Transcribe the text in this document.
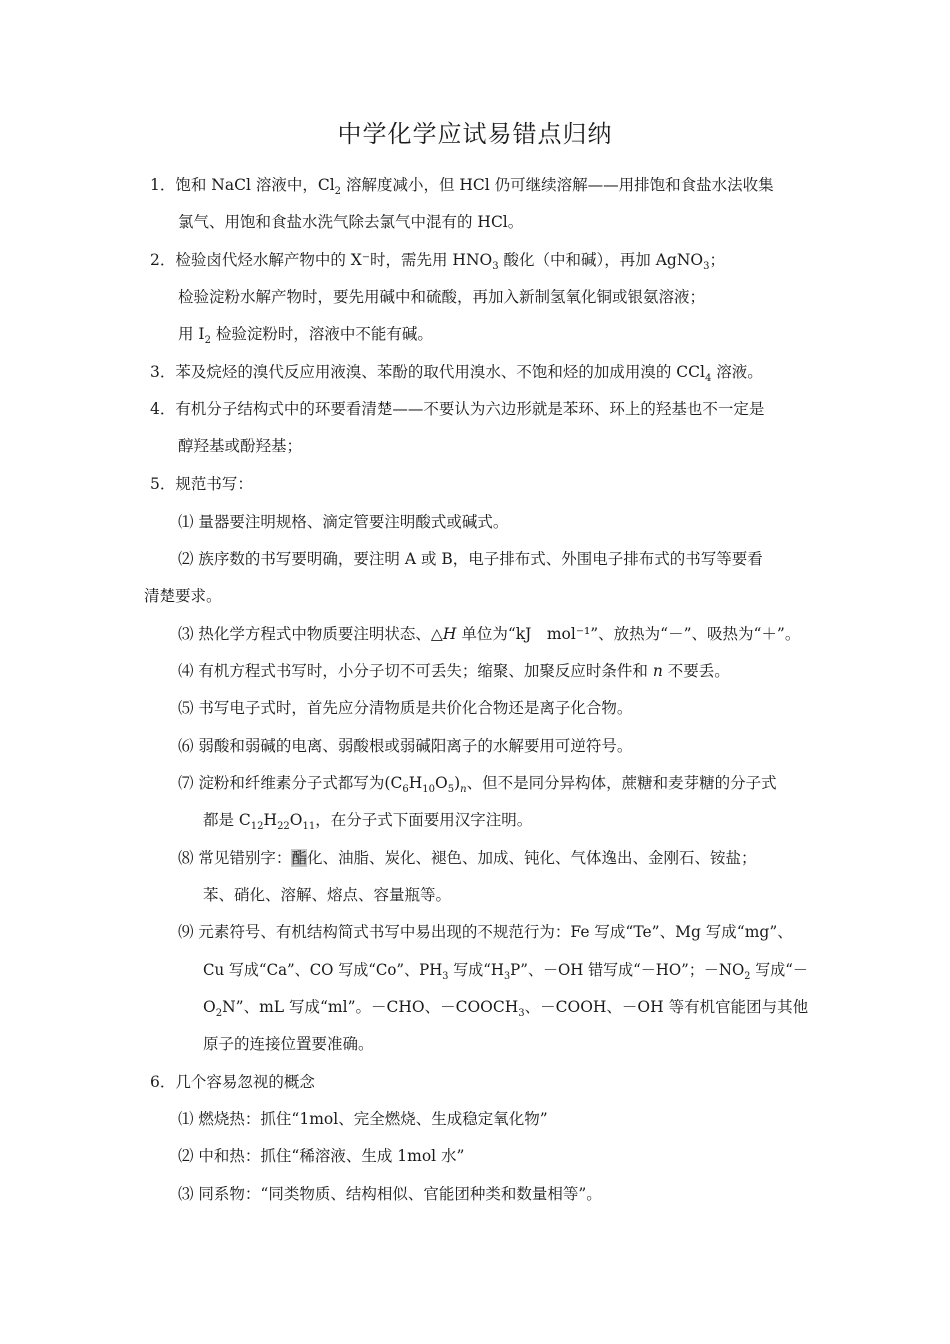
中学化学应试易错点归纳
1．饱和 NaCl 溶液中，$Cl_2$ 溶解度减小，但 HCl 仍可继续溶解——用排饱和食盐水法收集
氯气、用饱和食盐水洗气除去氯气中混有的 HCl。
2．检验卤代烃水解产物中的 X⁻时，需先用 $HNO_3$ 酸化（中和碱），再加 AgNO$_3$；
检验淀粉水解产物时，要先用碱中和硫酸，再加入新制氢氧化铜或银氨溶液；
用 $I_2$ 检验淀粉时，溶液中不能有碱。
3．苯及烷烃的溴代反应用液溴、苯酚的取代用溴水、不饱和烃的加成用溴的 CCl$_4$ 溶液。
4．有机分子结构式中的环要看清楚——不要认为六边形就是苯环、环上的羟基也不一定是
醇羟基或酚羟基；
5．规范书写：
⑴ 量器要注明规格、滴定管要注明酸式或碱式。
⑵ 族序数的书写要明确，要注明 A 或 B，电子排布式、外围电子排布式的书写等要看
清楚要求。
⑶ 热化学方程式中物质要注明状态、△H 单位为“kJ　mol⁻¹”、放热为“－”、吸热为“＋”。
⑷ 有机方程式书写时，小分子切不可丢失；缩聚、加聚反应时条件和 n 不要丢。
⑸ 书写电子式时，首先应分清物质是共价化合物还是离子化合物。
⑹ 弱酸和弱碱的电离、弱酸根或弱碱阳离子的水解要用可逆符号。
⑺ 淀粉和纤维素分子式都写为$(C_6H_{10}O_5)_n$、但不是同分异构体，蔗糖和麦芽糖的分子式
都是 $C_{12}H_{22}O_{11}$，在分子式下面要用汉字注明。
⑻ 常见错别字：酯化、油脂、炭化、褪色、加成、钝化、气体逸出、金刚石、铵盐；
苯、硝化、溶解、熔点、容量瓶等。
⑼ 元素符号、有机结构简式书写中易出现的不规范行为：Fe 写成“Te”、Mg 写成“mg”、
Cu 写成“Ca”、CO 写成“Co”、$PH_3$ 写成“$H_3P$”、－OH 错写成“－HO”；$-NO_2$ 写成“－
$O_2N$”、mL 写成“ml”。－CHO、$-COOCH_3$、－COOH、－OH 等有机官能团与其他
原子的连接位置要准确。
6．几个容易忽视的概念
⑴ 燃烧热：抓住“1mol、完全燃烧、生成稳定氧化物”
⑵ 中和热：抓住“稀溶液、生成 1mol 水”
⑶ 同系物：“同类物质、结构相似、官能团种类和数量相等”。
